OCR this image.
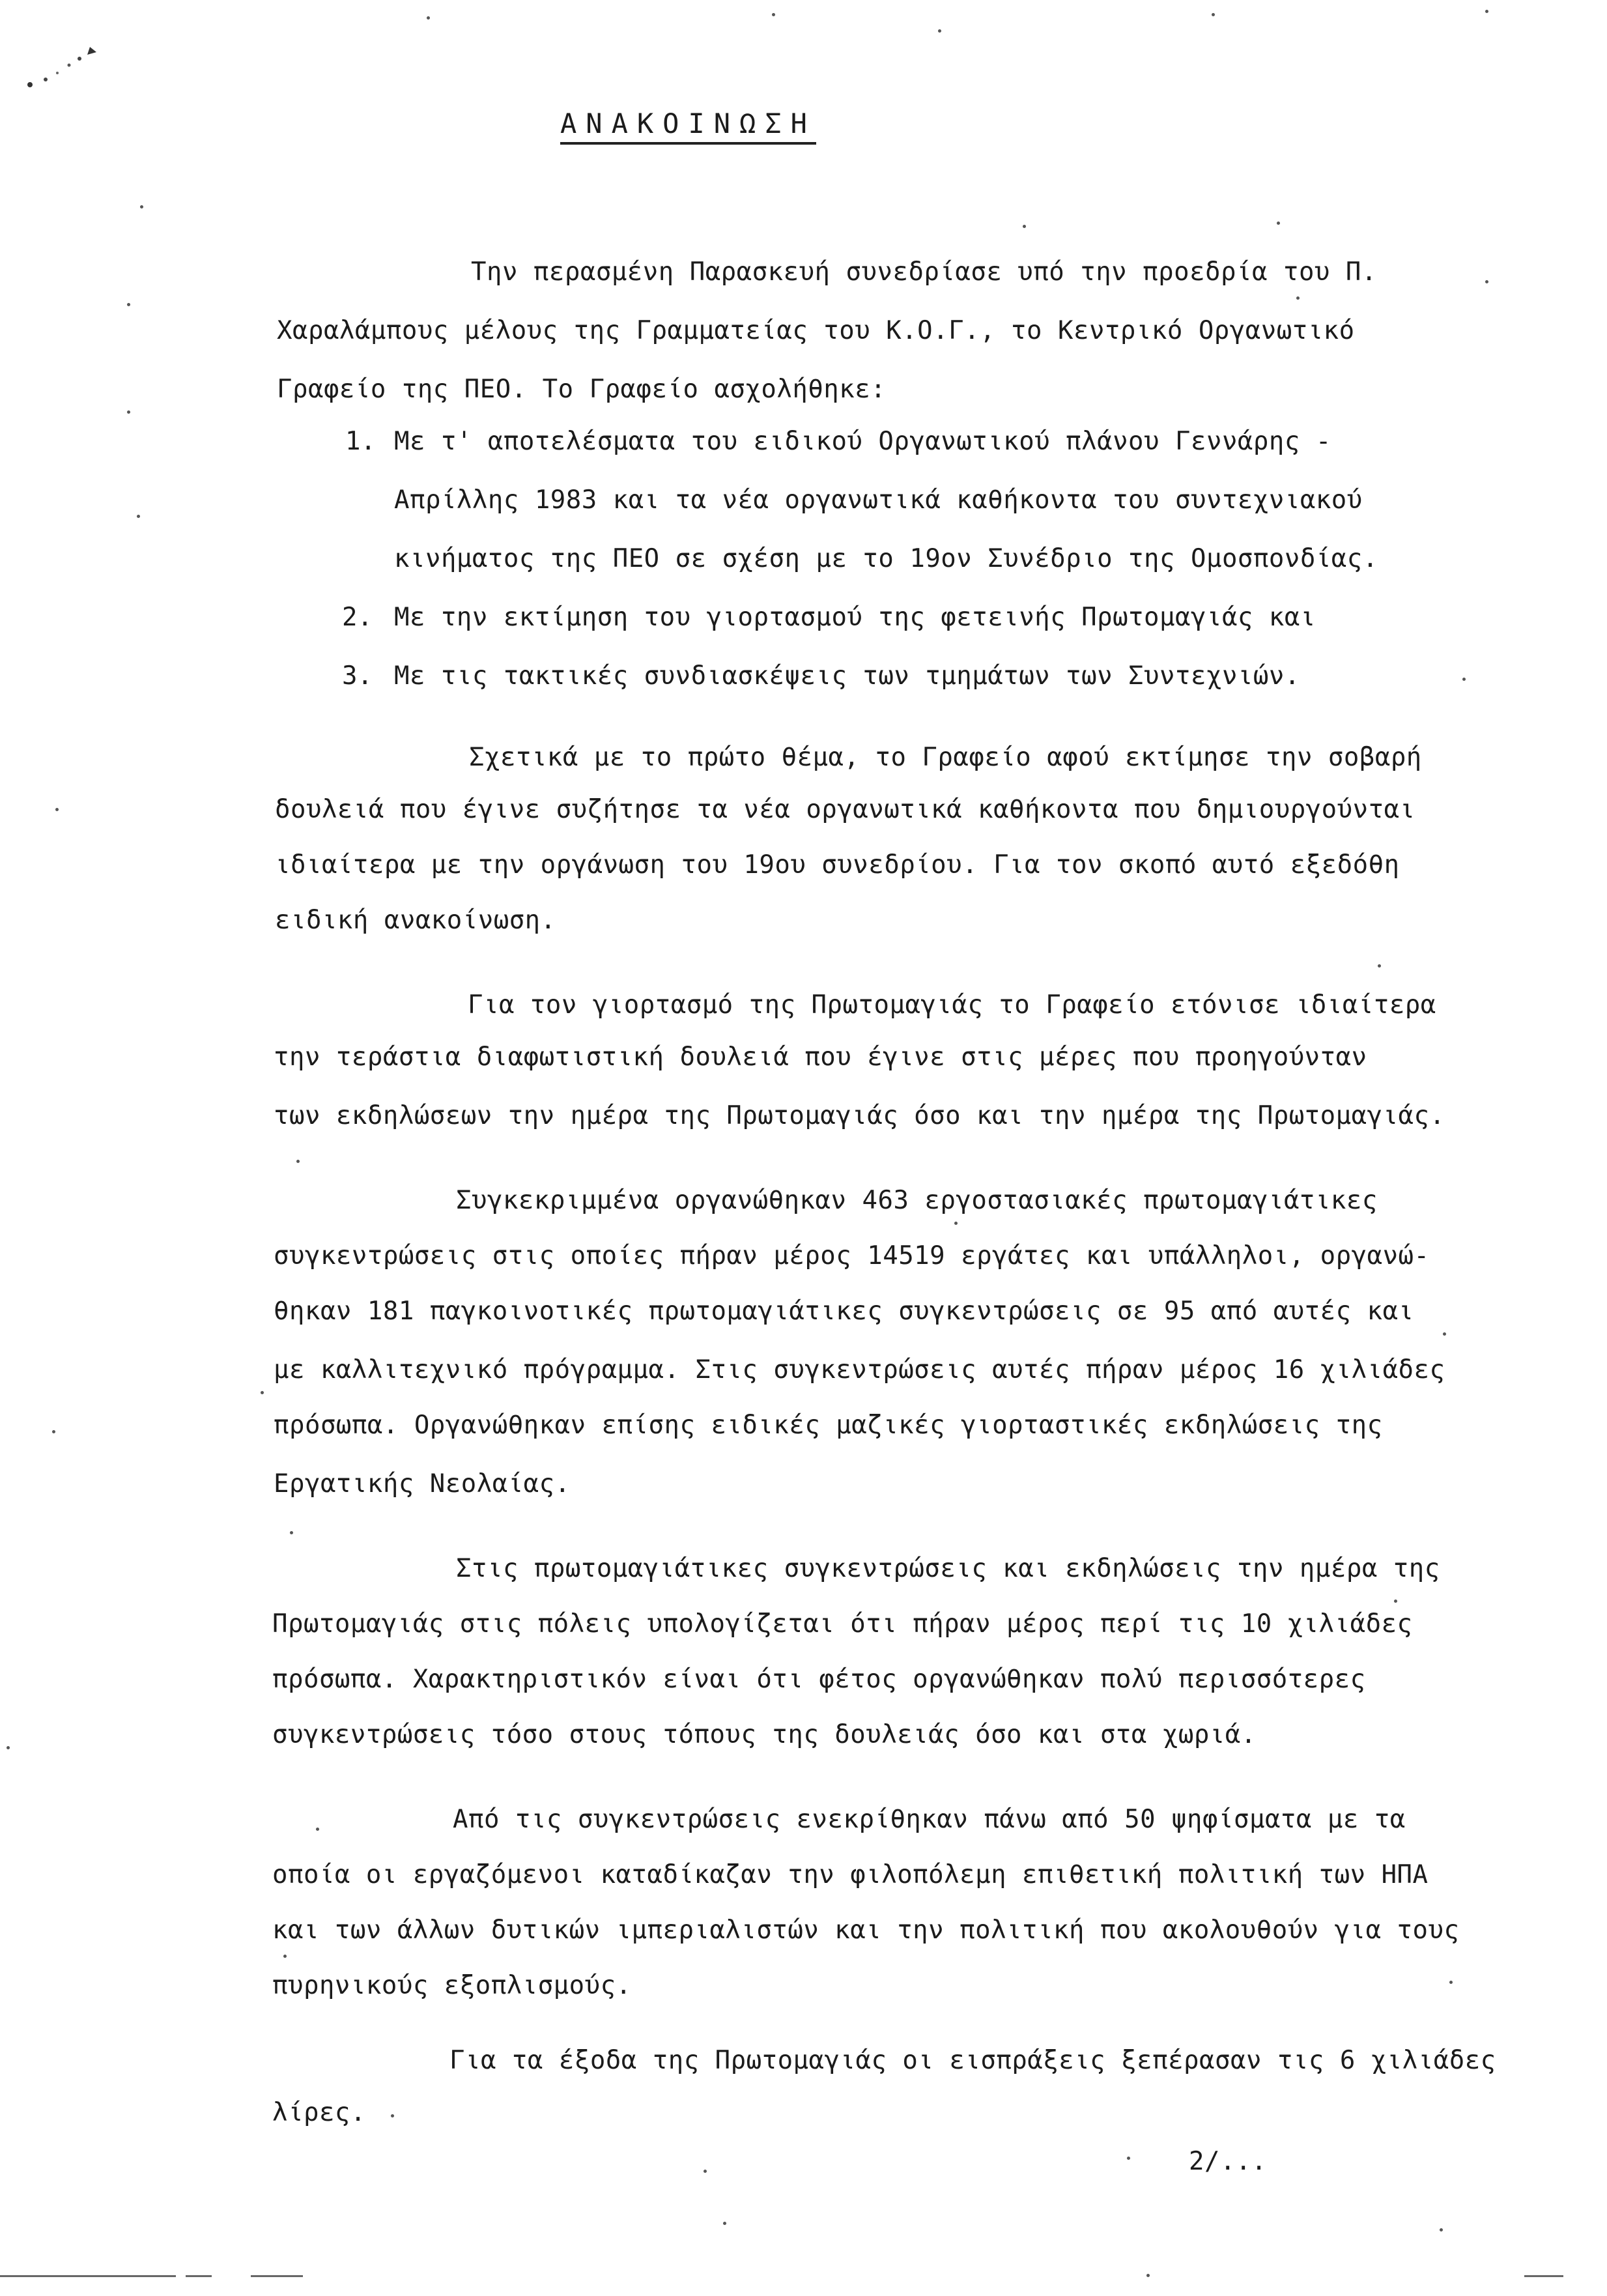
ΑΝΑΚΟΙΝΩΣΗ
Την περασμένη Παρασκευή συνεδρίασε υπό την προεδρία του Π.
Χαραλάμπους μέλους της Γραμματείας του Κ.Ο.Γ., το Κεντρικό Οργανωτικό
Γραφείο της ΠΕΟ. Το Γραφείο ασχολήθηκε:
1. Με τ' αποτελέσματα του ειδικού Οργανωτικού πλάνου Γεννάρης -
Απρίλλης 1983 και τα νέα οργανωτικά καθήκοντα του συντεχνιακού
κινήματος της ΠΕΟ σε σχέση με το 19ον Συνέδριο της Ομοσπονδίας.
2. Με την εκτίμηση του γιορτασμού της φετεινής Πρωτομαγιάς και
3. Με τις τακτικές συνδιασκέψεις των τμημάτων των Συντεχνιών.
Σχετικά με το πρώτο θέμα, το Γραφείο αφού εκτίμησε την σοβαρή
δουλειά που έγινε συζήτησε τα νέα οργανωτικά καθήκοντα που δημιουργούνται
ιδιαίτερα με την οργάνωση του 19ου συνεδρίου. Για τον σκοπό αυτό εξεδόθη
ειδική ανακοίνωση.
Για τον γιορτασμό της Πρωτομαγιάς το Γραφείο ετόνισε ιδιαίτερα
την τεράστια διαφωτιστική δουλειά που έγινε στις μέρες που προηγούνταν
των εκδηλώσεων την ημέρα της Πρωτομαγιάς όσο και την ημέρα της Πρωτομαγιάς.
Συγκεκριμμένα οργανώθηκαν 463 εργοστασιακές πρωτομαγιάτικες
συγκεντρώσεις στις οποίες πήραν μέρος 14519 εργάτες και υπάλληλοι, οργανώ-
θηκαν 181 παγκοινοτικές πρωτομαγιάτικες συγκεντρώσεις σε 95 από αυτές και
με καλλιτεχνικό πρόγραμμα. Στις συγκεντρώσεις αυτές πήραν μέρος 16 χιλιάδες
πρόσωπα. Οργανώθηκαν επίσης ειδικές μαζικές γιορταστικές εκδηλώσεις της
Εργατικής Νεολαίας.
Στις πρωτομαγιάτικες συγκεντρώσεις και εκδηλώσεις την ημέρα της
Πρωτομαγιάς στις πόλεις υπολογίζεται ότι πήραν μέρος περί τις 10 χιλιάδες
πρόσωπα. Χαρακτηριστικόν είναι ότι φέτος οργανώθηκαν πολύ περισσότερες
συγκεντρώσεις τόσο στους τόπους της δουλειάς όσο και στα χωριά.
Από τις συγκεντρώσεις ενεκρίθηκαν πάνω από 50 ψηφίσματα με τα
οποία οι εργαζόμενοι καταδίκαζαν την φιλοπόλεμη επιθετική πολιτική των ΗΠΑ
και των άλλων δυτικών ιμπεριαλιστών και την πολιτική που ακολουθούν για τους
πυρηνικούς εξοπλισμούς.
Για τα έξοδα της Πρωτομαγιάς οι εισπράξεις ξεπέρασαν τις 6 χιλιάδες
λίρες.
2/...
